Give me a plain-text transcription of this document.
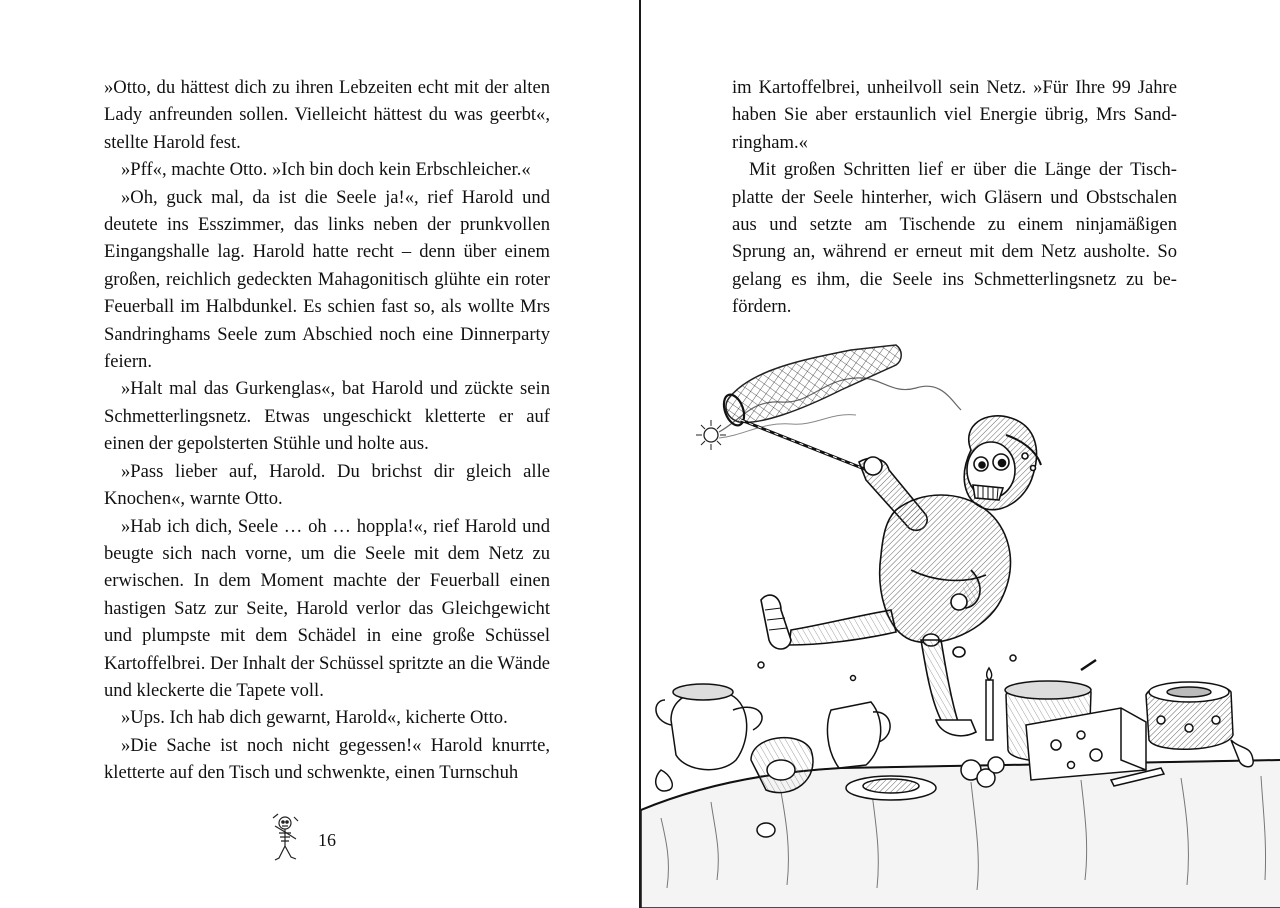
»Otto, du hättest dich zu ihren Lebzeiten echt mit der alten Lady anfreunden sollen. Vielleicht hättest du was geerbt«, stellte Harold fest.

»Pff«, machte Otto. »Ich bin doch kein Erbschleicher.«

»Oh, guck mal, da ist die Seele ja!«, rief Harold und deutete ins Esszimmer, das links neben der prunkvollen Eingangshalle lag. Harold hatte recht – denn über einem großen, reichlich gedeckten Mahagonitisch glühte ein roter Feuerball im Halbdunkel. Es schien fast so, als wollte Mrs Sandringhams Seele zum Abschied noch eine Dinnerparty feiern.

»Halt mal das Gurkenglas«, bat Harold und zückte sein Schmetterlingsnetz. Etwas ungeschickt kletterte er auf einen der gepolsterten Stühle und holte aus.

»Pass lieber auf, Harold. Du brichst dir gleich alle Knochen«, warnte Otto.

»Hab ich dich, Seele … oh … hoppla!«, rief Harold und beugte sich nach vorne, um die Seele mit dem Netz zu erwischen. In dem Moment machte der Feuerball einen hastigen Satz zur Seite, Harold verlor das Gleichgewicht und plumpste mit dem Schädel in eine große Schüssel Kartoffelbrei. Der Inhalt der Schüssel spritzte an die Wände und kleckerte die Tapete voll.

»Ups. Ich hab dich gewarnt, Harold«, kicherte Otto.

»Die Sache ist noch nicht gegessen!« Harold knurrte, kletterte auf den Tisch und schwenkte, einen Turnschuh

16

im Kartoffelbrei, unheilvoll sein Netz. »Für Ihre 99 Jahre haben Sie aber erstaunlich viel Energie übrig, Mrs Sandringham.«

Mit großen Schritten lief er über die Länge der Tischplatte der Seele hinterher, wich Gläsern und Obstschalen aus und setzte am Tischende zu einem ninjamäßigen Sprung an, während er erneut mit dem Netz ausholte. So gelang es ihm, die Seele ins Schmetterlingsnetz zu befördern.
